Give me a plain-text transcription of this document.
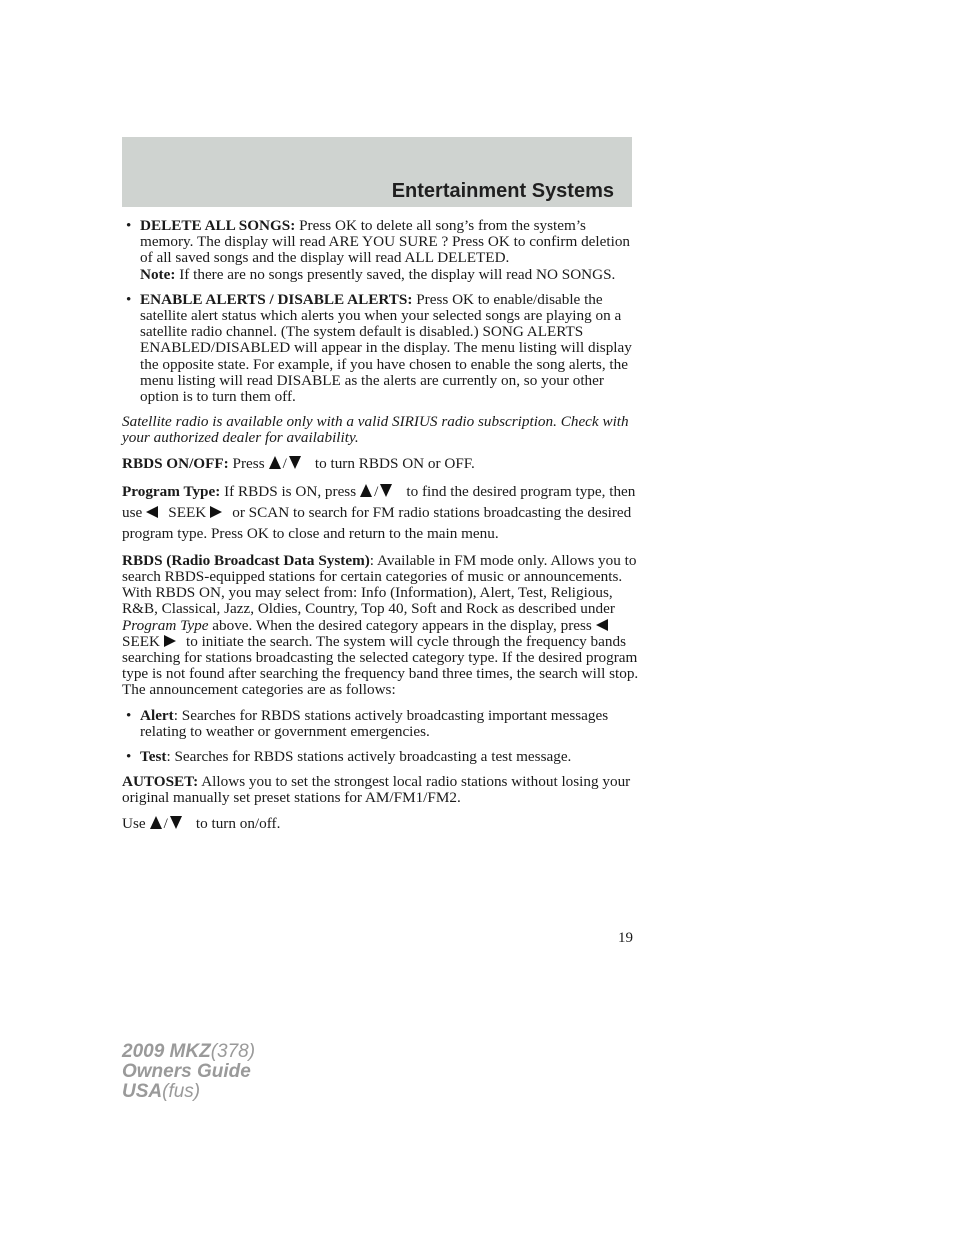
Entertainment Systems
• DELETE ALL SONGS: Press OK to delete all song’s from the system’s memory. The display will read ARE YOU SURE ? Press OK to confirm deletion of all saved songs and the display will read ALL DELETED.
Note: If there are no songs presently saved, the display will read NO SONGS.
• ENABLE ALERTS / DISABLE ALERTS: Press OK to enable/disable the satellite alert status which alerts you when your selected songs are playing on a satellite radio channel. (The system default is disabled.) SONG ALERTS ENABLED/DISABLED will appear in the display. The menu listing will display the opposite state. For example, if you have chosen to enable the song alerts, the menu listing will read DISABLE as the alerts are currently on, so your other option is to turn them off.

Satellite radio is available only with a valid SIRIUS radio subscription. Check with your authorized dealer for availability.

RBDS ON/OFF: Press / to turn RBDS ON or OFF.

Program Type: If RBDS is ON, press / to find the desired program type, then use SEEK or SCAN to search for FM radio stations broadcasting the desired program type. Press OK to close and return to the main menu.

RBDS (Radio Broadcast Data System): Available in FM mode only. Allows you to search RBDS-equipped stations for certain categories of music or announcements. With RBDS ON, you may select from: Info (Information), Alert, Test, Religious, R&B, Classical, Jazz, Oldies, Country, Top 40, Soft and Rock as described under Program Type above. When the desired category appears in the display, press SEEK to initiate the search. The system will cycle through the frequency bands searching for stations broadcasting the selected category type. If the desired program type is not found after searching the frequency band three times, the search will stop. The announcement categories are as follows:

• Alert: Searches for RBDS stations actively broadcasting important messages relating to weather or government emergencies.
• Test: Searches for RBDS stations actively broadcasting a test message.

AUTOSET: Allows you to set the strongest local radio stations without losing your original manually set preset stations for AM/FM1/FM2.

Use / to turn on/off.

19
2009 MKZ(378)
Owners Guide
USA(fus)
